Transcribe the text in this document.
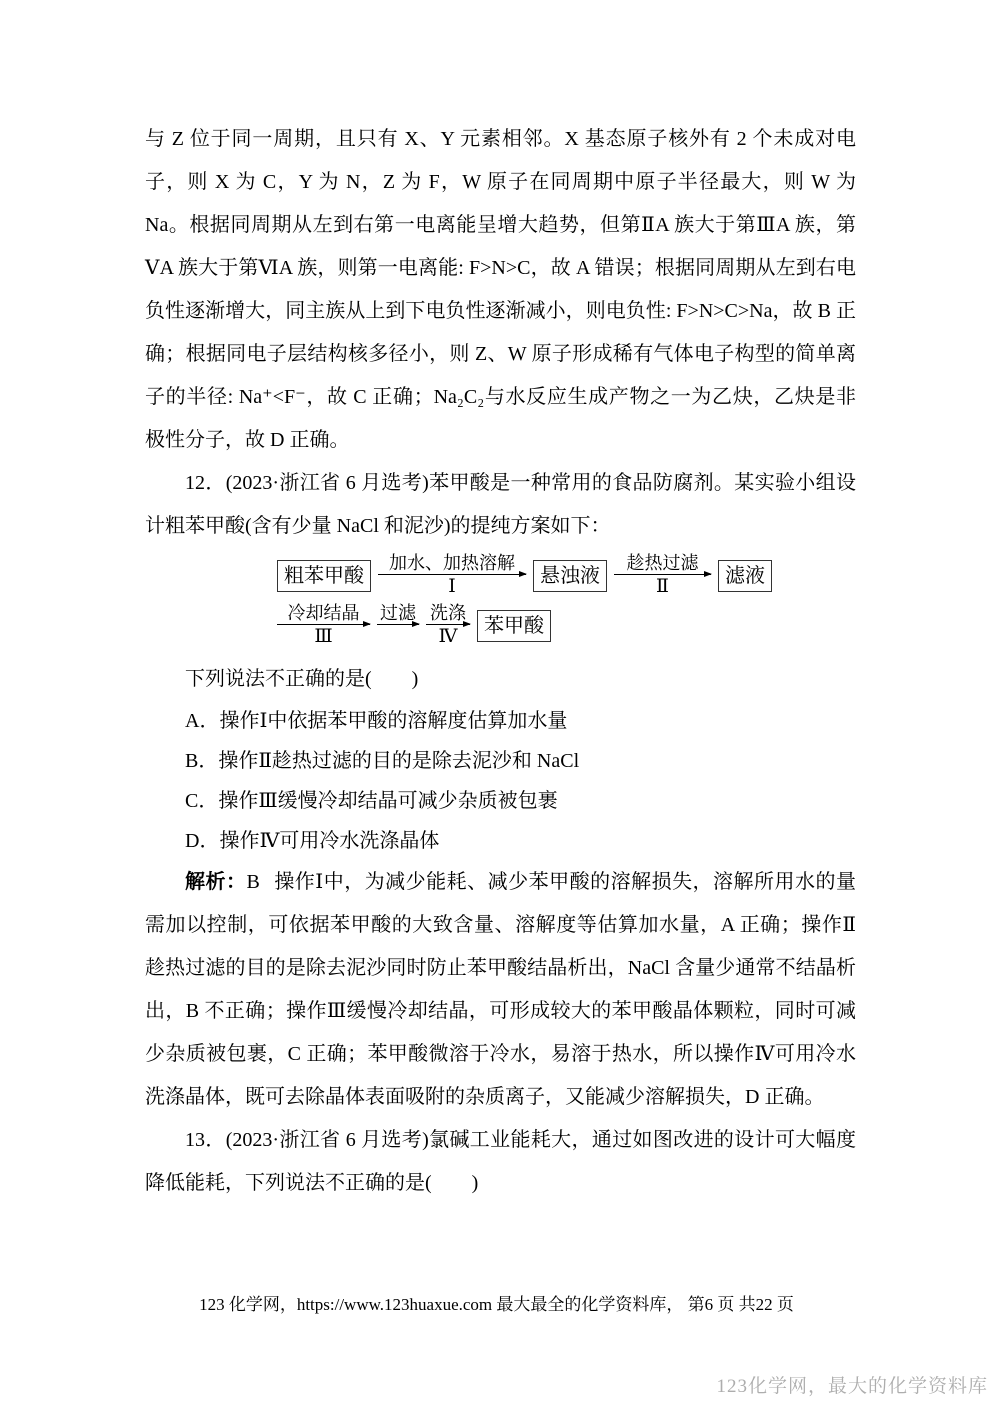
与 Z 位于同一周期，且只有 X、Y 元素相邻。X 基态原子核外有 2 个未成对电子，则 X 为 C，Y 为 N，Z 为 F，W 原子在同周期中原子半径最大，则 W 为 Na。根据同周期从左到右第一电离能呈增大趋势，但第ⅡA 族大于第ⅢA 族，第ⅤA 族大于第ⅥA 族，则第一电离能: F>N>C，故 A 错误；根据同周期从左到右电负性逐渐增大，同主族从上到下电负性逐渐减小，则电负性: F>N>C>Na，故 B 正确；根据同电子层结构核多径小，则 Z、W 原子形成稀有气体电子构型的简单离子的半径: Na⁺<F⁻，故 C 正确；Na₂C₂与水反应生成产物之一为乙炔，乙炔是非极性分子，故 D 正确。

12．(2023·浙江省 6 月选考)苯甲酸是一种常用的食品防腐剂。某实验小组设计粗苯甲酸(含有少量 NaCl 和泥沙)的提纯方案如下：

粗苯甲酸
加水、加热溶解
Ⅰ	悬浊液
趁热过滤
Ⅱ	滤液
冷却结晶
Ⅲ
过滤 洗涤
Ⅳ	苯甲酸

下列说法不正确的是(　　)

A．操作Ⅰ中依据苯甲酸的溶解度估算加水量
B．操作Ⅱ趁热过滤的目的是除去泥沙和 NaCl
C．操作Ⅲ缓慢冷却结晶可减少杂质被包裹
D．操作Ⅳ可用冷水洗涤晶体

解析：B 操作Ⅰ中，为减少能耗、减少苯甲酸的溶解损失，溶解所用水的量需加以控制，可依据苯甲酸的大致含量、溶解度等估算加水量，A 正确；操作Ⅱ趁热过滤的目的是除去泥沙同时防止苯甲酸结晶析出，NaCl 含量少通常不结晶析出，B 不正确；操作Ⅲ缓慢冷却结晶，可形成较大的苯甲酸晶体颗粒，同时可减少杂质被包裹，C 正确；苯甲酸微溶于冷水，易溶于热水，所以操作Ⅳ可用冷水洗涤晶体，既可去除晶体表面吸附的杂质离子，又能减少溶解损失，D 正确。

13．(2023·浙江省 6 月选考)氯碱工业能耗大，通过如图改进的设计可大幅度降低能耗，下列说法不正确的是(　　)

123 化学网，https://www.123huaxue.com 最大最全的化学资料库， 第6 页 共22 页
123化学网，最大的化学资料库
